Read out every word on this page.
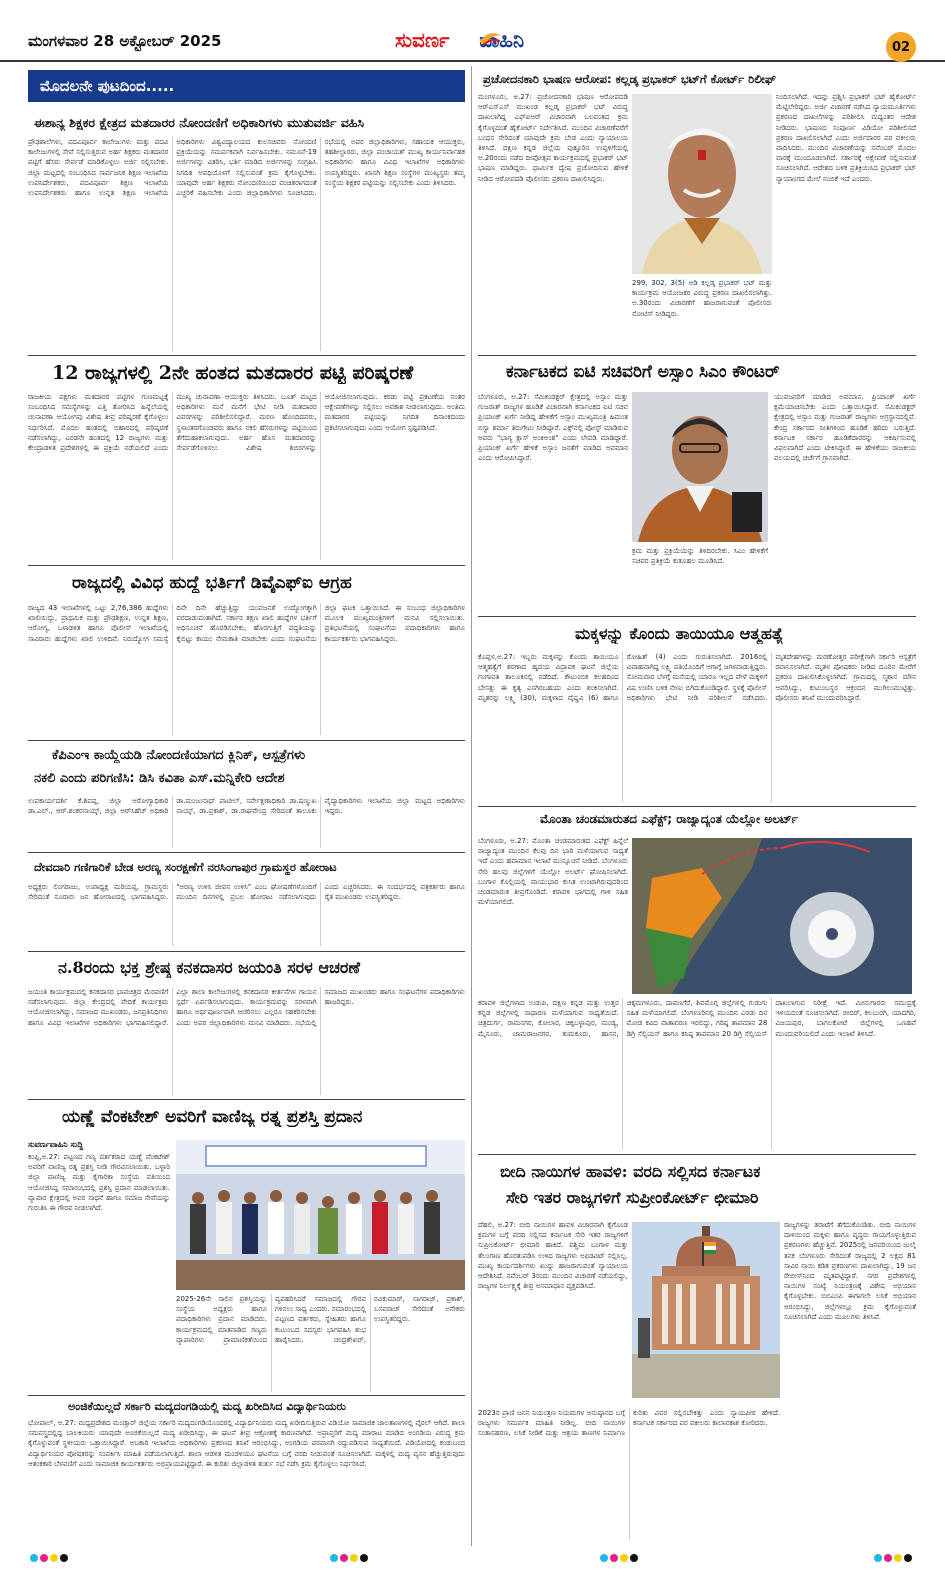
ಮಂಗಳವಾರ 28 ಅಕ್ಟೋಬರ್ 2025	ಸುವರ್ಣ ವಾಹಿನಿ	02
ಮೊದಲನೇ ಪುಟದಿಂದ.....
ಈಶಾನ್ಯ ಶಿಕ್ಷಕರ ಕ್ಷೇತ್ರದ ಮತದಾರರ ನೋಂದಣಿಗೆ ಅಧಿಕಾರಿಗಳು ಮುತುವರ್ಜಿ ವಹಿಸಿ
ಪ್ರೌಢಶಾಲೆಗಳು, ಪದವಿಪೂರ್ವ ಕಾಲೇಜುಗಳು ಮತ್ತು ಪದವಿ ಕಾಲೇಜುಗಳಲ್ಲಿ ಸೇವೆ ಸಲ್ಲಿಸುತ್ತಿರುವ ಅರ್ಹ ಶಿಕ್ಷಕರು ಮತದಾರರ ಪಟ್ಟಿಗೆ ಹೆಸರು ಸೇರ್ಪಡೆ ಮಾಡಿಕೊಳ್ಳಲು ಅರ್ಜಿ ಸಲ್ಲಿಸಬೇಕು. ಜಿಲ್ಲಾ ಮಟ್ಟದಲ್ಲಿ ಸಂಬಂಧಿಸಿದ ಸಾರ್ವಜನಿಕ ಶಿಕ್ಷಣ ಇಲಾಖೆಯ ಉಪನಿರ್ದೇಶಕರು, ಪದವಿಪೂರ್ವ ಶಿಕ್ಷಣ ಇಲಾಖೆಯ ಉಪನಿರ್ದೇಶಕರು ಹಾಗೂ ಉನ್ನತ ಶಿಕ್ಷಣ ಇಲಾಖೆಯ ಅಧಿಕಾರಿಗಳು ವಿಶ್ವವಿದ್ಯಾಲಯದ ಕುಲಸಚಿವರು ನೋಂದಣಿ ಪ್ರಕ್ರಿಯೆಯನ್ನು ಸಮರ್ಪಕವಾಗಿ ನಿರ್ವಹಿಸಬೇಕು. ನಮೂನೆ-19 ಅರ್ಜಿಗಳನ್ನು ವಿತರಿಸಿ, ಭರ್ತಿ ಮಾಡಿದ ಅರ್ಜಿಗಳನ್ನು ಸಂಗ್ರಹಿಸಿ ನಿಗದಿತ ಅವಧಿಯೊಳಗೆ ಸಲ್ಲಿಸುವಂತೆ ಕ್ರಮ ಕೈಗೊಳ್ಳಬೇಕು. ಯಾವುದೇ ಅರ್ಹ ಶಿಕ್ಷಕರು ನೋಂದಣಿಯಿಂದ ವಂಚಿತರಾಗದಂತೆ ಎಚ್ಚರಿಕೆ ವಹಿಸಬೇಕು ಎಂದು ಜಿಲ್ಲಾಧಿಕಾರಿಗಳು ಸೂಚಿಸಿದರು. ಸಭೆಯಲ್ಲಿ ಅಪರ ಜಿಲ್ಲಾಧಿಕಾರಿಗಳು, ಸಹಾಯಕ ಆಯುಕ್ತರು, ತಹಶೀಲ್ದಾರರು, ಜಿಲ್ಲಾ ಪಂಚಾಯತ್ ಮುಖ್ಯ ಕಾರ್ಯನಿರ್ವಾಹಕ ಅಧಿಕಾರಿಗಳು ಹಾಗೂ ವಿವಿಧ ಇಲಾಖೆಗಳ ಅಧಿಕಾರಿಗಳು ಉಪಸ್ಥಿತರಿದ್ದರು. ಖಾಸಗಿ ಶಿಕ್ಷಣ ಸಂಸ್ಥೆಗಳ ಮುಖ್ಯಸ್ಥರು ತಮ್ಮ ಸಂಸ್ಥೆಯ ಶಿಕ್ಷಕರ ಪಟ್ಟಿಯನ್ನು ಸಲ್ಲಿಸಬೇಕು ಎಂದು ತಿಳಿಸಿದರು.
12 ರಾಜ್ಯಗಳಲ್ಲಿ 2ನೇ ಹಂತದ ಮತದಾರರ ಪಟ್ಟಿ ಪರಿಷ್ಕರಣೆ
ರಾಜಕೀಯ ಪಕ್ಷಗಳು ಮತದಾರರ ಪಟ್ಟಿಗಳ ಗುಣಮಟ್ಟಕ್ಕೆ ಸಂಬಂಧಿಸಿದ ಸಮಸ್ಯೆಗಳನ್ನು ಎತ್ತಿ ತೋರಿಸಿದ ಹಿನ್ನೆಲೆಯಲ್ಲಿ ಚುನಾವಣಾ ಆಯೋಗವು ವಿಶೇಷ ತೀವ್ರ ಪರಿಷ್ಕರಣೆ ಕೈಗೊಳ್ಳಲು ನಿರ್ಧರಿಸಿದೆ. ಮೊದಲ ಹಂತದಲ್ಲಿ ಬಿಹಾರದಲ್ಲಿ ಪರಿಷ್ಕರಣೆ ನಡೆಸಲಾಗಿದ್ದು, ಎರಡನೇ ಹಂತದಲ್ಲಿ 12 ರಾಜ್ಯಗಳು ಮತ್ತು ಕೇಂದ್ರಾಡಳಿತ ಪ್ರದೇಶಗಳಲ್ಲಿ ಈ ಪ್ರಕ್ರಿಯೆ ನಡೆಯಲಿದೆ ಎಂದು ಮುಖ್ಯ ಚುನಾವಣಾ ಆಯುಕ್ತರು ತಿಳಿಸಿದರು. ಬೂತ್ ಮಟ್ಟದ ಅಧಿಕಾರಿಗಳು ಮನೆ ಮನೆಗೆ ಭೇಟಿ ನೀಡಿ ಮತದಾರರ ವಿವರಗಳನ್ನು ಪರಿಶೀಲಿಸಲಿದ್ದಾರೆ. ಮರಣ ಹೊಂದಿದವರು, ಸ್ಥಳಾಂತರಗೊಂಡವರು ಹಾಗೂ ನಕಲಿ ಹೆಸರುಗಳನ್ನು ಪಟ್ಟಿಯಿಂದ ತೆಗೆದುಹಾಕಲಾಗುವುದು. ಅರ್ಹ ಹೊಸ ಮತದಾರರನ್ನು ಸೇರ್ಪಡೆಗೊಳಿಸಲು ವಿಶೇಷ ಶಿಬಿರಗಳನ್ನು ಆಯೋಜಿಸಲಾಗುವುದು. ಕರಡು ಪಟ್ಟಿ ಪ್ರಕಟಣೆಯ ನಂತರ ಆಕ್ಷೇಪಣೆಗಳನ್ನು ಸಲ್ಲಿಸಲು ಅವಕಾಶ ನೀಡಲಾಗುವುದು. ಅಂತಿಮ ಮತದಾರರ ಪಟ್ಟಿಯನ್ನು ನಿಗದಿತ ದಿನಾಂಕದಂದು ಪ್ರಕಟಿಸಲಾಗುವುದು ಎಂದು ಆಯೋಗ ಸ್ಪಷ್ಟಪಡಿಸಿದೆ.
ರಾಜ್ಯದಲ್ಲಿ ವಿವಿಧ ಹುದ್ದೆ ಭರ್ತಿಗೆ ಡಿವೈಎಫ್ಐ ಆಗ್ರಹ
ರಾಜ್ಯದ 43 ಇಲಾಖೆಗಳಲ್ಲಿ ಒಟ್ಟು 2,76,386 ಹುದ್ದೆಗಳು ಖಾಲಿಯಿದ್ದು, ಪ್ರಾಥಮಿಕ ಮತ್ತು ಪ್ರೌಢಶಿಕ್ಷಣ, ಉನ್ನತ ಶಿಕ್ಷಣ, ಆರೋಗ್ಯ, ಒಳಾಡಳಿತ ಹಾಗೂ ಪೊಲೀಸ್ ಇಲಾಖೆಯಲ್ಲಿ ಸಾವಿರಾರು ಹುದ್ದೆಗಳು ಖಾಲಿ ಉಳಿದಿವೆ. ನಿರುದ್ಯೋಗ ಸಮಸ್ಯೆ ದಿನೇ ದಿನೇ ಹೆಚ್ಚುತ್ತಿದ್ದು ಯುವಜನತೆ ಉದ್ಯೋಗಕ್ಕಾಗಿ ಪರದಾಡುವಂತಾಗಿದೆ. ಸರ್ಕಾರ ತಕ್ಷಣ ಖಾಲಿ ಹುದ್ದೆಗಳ ಭರ್ತಿಗೆ ಅಧಿಸೂಚನೆ ಹೊರಡಿಸಬೇಕು, ಹೊರಗುತ್ತಿಗೆ ಪದ್ಧತಿಯನ್ನು ಕೈಬಿಟ್ಟು ಕಾಯಂ ನೇಮಕಾತಿ ಮಾಡಬೇಕು ಎಂದು ಸಂಘಟನೆಯ ಜಿಲ್ಲಾ ಘಟಕ ಒತ್ತಾಯಿಸಿದೆ. ಈ ಸಂಬಂಧ ಜಿಲ್ಲಾಧಿಕಾರಿಗಳ ಮೂಲಕ ಮುಖ್ಯಮಂತ್ರಿಗಳಿಗೆ ಮನವಿ ಸಲ್ಲಿಸಲಾಯಿತು. ಪ್ರತಿಭಟನೆಯಲ್ಲಿ ಸಂಘಟನೆಯ ಪದಾಧಿಕಾರಿಗಳು ಹಾಗೂ ಕಾರ್ಯಕರ್ತರು ಭಾಗವಹಿಸಿದ್ದರು.
ಕೆಪಿಎಂಇ ಕಾಯ್ದೆಯಡಿ ನೋಂದಣಿಯಾಗದ ಕ್ಲಿನಿಕ್, ಆಸ್ಪತ್ರೆಗಳು
ನಕಲಿ ಎಂದು ಪರಿಗಣಿಸಿ: ಡಿಸಿ ಕವಿತಾ ಎಸ್.ಮನ್ನಿಕೇರಿ ಆದೇಶ
ಉಪಕಾರ್ಯದರ್ಶಿ ಕೆ.ಶಿವಪ್ಪ, ಜಿಲ್ಲಾ ಆರೋಗ್ಯಾಧಿಕಾರಿ ಡಾ.ಎಲ್., ಆರ್.ಶಂಕರನಾಯ್ಕ್, ಜಿಲ್ಲಾ ಆರ್‌ಸಿಹೆಚ್ ಅಧಿಕಾರಿ ಡಾ.ಮಂಜುನಾಥ್ ಪಾಟೀಲ್, ಸರ್ವೇಕ್ಷಣಾಧಿಕಾರಿ ಡಾ.ಷಣ್ಮುಖ ನಾಯ್ಕ್, ಡಾ.ಪ್ರಕಾಶ್, ಡಾ.ರಾಘವೇಂದ್ರ ಸೇರಿದಂತೆ ತಾಲೂಕು ವೈದ್ಯಾಧಿಕಾರಿಗಳು ಇಲಾಖೆಯ ಜಿಲ್ಲಾ ಮಟ್ಟದ ಅಧಿಕಾರಿಗಳು ಇದ್ದರು.
ದೇವದಾರಿ ಗಣಿಗಾರಿಕೆ ಬೇಡ ಅರಣ್ಯ ಸಂರಕ್ಷಣೆಗೆ ನರಸಿಂಗಾಪುರ ಗ್ರಾಮಸ್ಥರ ಹೋರಾಟ
ಅಧ್ಯಕ್ಷರು ಲಿಂಗರಾಜು, ಉಪಾಧ್ಯಕ್ಷ ಮರಿಯಪ್ಪ, ಗ್ರಾಮಸ್ಥರು ಸೇರಿದಂತೆ ನೂರಾರು ಜನ ಹೋರಾಟದಲ್ಲಿ ಭಾಗವಹಿಸಿದ್ದರು. "ಅರಣ್ಯ ಉಳಿಸಿ ಜೀವನ ಉಳಿಸಿ" ಎಂಬ ಘೋಷಣೆಗಳೊಂದಿಗೆ ಮುಂದಿನ ದಿನಗಳಲ್ಲಿ ಪ್ರಬಲ ಹೋರಾಟ ನಡೆಸಲಾಗುವುದು ಎಂದು ಎಚ್ಚರಿಸಿದರು. ಈ ಸಂದರ್ಭದಲ್ಲಿ ಪತ್ರಕರ್ತರು ಹಾಗೂ ರೈತ ಮುಖಂಡರು ಉಪಸ್ಥಿತರಿದ್ದರು.
ನ.8ರಂದು ಭಕ್ತ ಶ್ರೇಷ್ಠ ಕನಕದಾಸರ ಜಯಂತಿ ಸರಳ ಆಚರಣೆ
ಜಯಂತಿ ಕಾರ್ಯಕ್ರಮದಲ್ಲಿ ಕನಕದಾಸರ ಭಾವಚಿತ್ರದ ಮೆರವಣಿಗೆ ನಡೆಸಲಾಗುವುದು. ಜಿಲ್ಲಾ ಕೇಂದ್ರದಲ್ಲಿ ವೇದಿಕೆ ಕಾರ್ಯಕ್ರಮ ಆಯೋಜಿಸಲಾಗಿದ್ದು, ಸಮಾಜದ ಮುಖಂಡರು, ಜನಪ್ರತಿನಿಧಿಗಳು ಹಾಗೂ ವಿವಿಧ ಇಲಾಖೆಗಳ ಅಧಿಕಾರಿಗಳು ಭಾಗವಹಿಸಲಿದ್ದಾರೆ. ಎಲ್ಲಾ ಶಾಲಾ ಕಾಲೇಜುಗಳಲ್ಲಿ ಕನಕದಾಸರ ಕೀರ್ತನೆಗಳ ಗಾಯನ ಸ್ಪರ್ಧೆ ಏರ್ಪಡಿಸಲಾಗುವುದು. ಕಾರ್ಯಕ್ರಮವನ್ನು ಸರಳವಾಗಿ ಹಾಗೂ ಅರ್ಥಪೂರ್ಣವಾಗಿ ಆಚರಿಸಲು ಎಲ್ಲರೂ ಸಹಕರಿಸಬೇಕು ಎಂದು ಅಪರ ಜಿಲ್ಲಾಧಿಕಾರಿಗಳು ಮನವಿ ಮಾಡಿದರು. ಸಭೆಯಲ್ಲಿ ಸಮಾಜದ ಮುಖಂಡರು ಹಾಗೂ ಸಂಘಟನೆಗಳ ಪದಾಧಿಕಾರಿಗಳು ಹಾಜರಿದ್ದರು.
ಯಣ್ಣೆ ವೆಂಕಟೇಶ್ ಅವರಿಗೆ ವಾಣಿಜ್ಯ ರತ್ನ ಪ್ರಶಸ್ತಿ ಪ್ರದಾನ
ಸುವರ್ಣವಾಹಿನಿ ಸುದ್ದಿ
ಕಂಪ್ಲಿ,ಅ.27: ಪಟ್ಟಣದ ಗಣ್ಯ ವರ್ತಕರಾದ ಯಣ್ಣೆ ವೆಂಕಟೇಶ್ ಅವರಿಗೆ ವಾಣಿಜ್ಯ ರತ್ನ ಪ್ರಶಸ್ತಿ ನೀಡಿ ಗೌರವಿಸಲಾಯಿತು. ಬಳ್ಳಾರಿ ಜಿಲ್ಲಾ ವಾಣಿಜ್ಯ ಮತ್ತು ಕೈಗಾರಿಕಾ ಸಂಸ್ಥೆಯ ವತಿಯಿಂದ ಆಯೋಜಿಸಿದ್ದ ಸಮಾರಂಭದಲ್ಲಿ ಪ್ರಶಸ್ತಿ ಪ್ರದಾನ ಮಾಡಲಾಯಿತು. ವ್ಯಾಪಾರ ಕ್ಷೇತ್ರದಲ್ಲಿ ಅವರ ಸಾಧನೆ ಹಾಗೂ ಸಮಾಜ ಸೇವೆಯನ್ನು ಗುರುತಿಸಿ ಈ ಗೌರವ ನೀಡಲಾಗಿದೆ.
2025-26ನೇ ಸಾಲಿನ ಪ್ರಶಸ್ತಿಯನ್ನು ಸಂಸ್ಥೆಯ ಅಧ್ಯಕ್ಷರು ಹಾಗೂ ಪದಾಧಿಕಾರಿಗಳು ಪ್ರದಾನ ಮಾಡಿದರು. ಕಾರ್ಯಕ್ರಮದಲ್ಲಿ ಮಾತನಾಡಿದ ಗಣ್ಯರು ವ್ಯಾಪಾರಿಗಳು ಪ್ರಾಮಾಣಿಕತೆಯಿಂದ ವ್ಯವಹರಿಸಿದರೆ ಸಮಾಜದಲ್ಲಿ ಗೌರವ ಗಳಿಸಲು ಸಾಧ್ಯ ಎಂದರು. ಸಮಾರಂಭದಲ್ಲಿ ಪಟ್ಟಣದ ವರ್ತಕರು, ಸ್ನೇಹಿತರು ಹಾಗೂ ಕುಟುಂಬದ ಸದಸ್ಯರು ಭಾಗವಹಿಸಿ ಶುಭ ಹಾರೈಸಿದರು. ಚಂದ್ರಶೇಖರ್, ರವಿಕುಮಾರ್, ನಾಗರಾಜ್, ಪ್ರಕಾಶ್, ಬಸವರಾಜ್ ಸೇರಿದಂತೆ ಅನೇಕರು ಉಪಸ್ಥಿತರಿದ್ದರು.
ಅಂಜಿಕೆಯಿಲ್ಲದೆ ಸರ್ಕಾರಿ ಮದ್ಯದಂಗಡಿಯಲ್ಲಿ ಮದ್ಯ ಖರೀದಿಸಿದ ವಿದ್ಯಾರ್ಥಿನಿಯರು
ಭೋಪಾಲ್, ಅ.27: ಮಧ್ಯಪ್ರದೇಶದ ಮಂಡ್ಸಾರ್ ಜಿಲ್ಲೆಯ ಸರ್ಕಾರಿ ಮದ್ಯದಂಗಡಿಯೊಂದರಲ್ಲಿ ವಿದ್ಯಾರ್ಥಿನಿಯರು ಮದ್ಯ ಖರೀದಿಸುತ್ತಿರುವ ವಿಡಿಯೋ ಸಾಮಾಜಿಕ ಜಾಲತಾಣಗಳಲ್ಲಿ ವೈರಲ್ ಆಗಿದೆ. ಶಾಲಾ ಸಮವಸ್ತ್ರದಲ್ಲಿದ್ದ ಬಾಲಕಿಯರು ಯಾವುದೇ ಅಂಜಿಕೆಯಿಲ್ಲದೆ ಮದ್ಯ ಖರೀದಿಸಿದ್ದು, ಈ ಘಟನೆ ತೀವ್ರ ಆಕ್ರೋಶಕ್ಕೆ ಕಾರಣವಾಗಿದೆ. ಅಪ್ರಾಪ್ತರಿಗೆ ಮದ್ಯ ಮಾರಾಟ ಮಾಡಿದ ಅಂಗಡಿಯ ವಿರುದ್ಧ ಕ್ರಮ ಕೈಗೊಳ್ಳುವಂತೆ ಸ್ಥಳೀಯರು ಒತ್ತಾಯಿಸಿದ್ದಾರೆ. ಅಬಕಾರಿ ಇಲಾಖೆಯ ಅಧಿಕಾರಿಗಳು ಪ್ರಕರಣದ ತನಿಖೆ ಆರಂಭಿಸಿದ್ದು, ಅಂಗಡಿಯ ಪರವಾನಗಿ ರದ್ದುಪಡಿಸುವ ಸಾಧ್ಯತೆಯಿದೆ. ವಿಡಿಯೋದಲ್ಲಿ ಕಂಡುಬಂದ ವಿದ್ಯಾರ್ಥಿನಿಯರ ಪೋಷಕರನ್ನು ಸಂಪರ್ಕಿಸಿ ಮಾಹಿತಿ ಪಡೆಯಲಾಗುತ್ತಿದೆ. ಶಾಲಾ ಆಡಳಿತ ಮಂಡಳಿಯೂ ಘಟನೆಯ ಬಗ್ಗೆ ವರದಿ ನೀಡುವಂತೆ ಸೂಚಿಸಲಾಗಿದೆ. ಮಕ್ಕಳಲ್ಲಿ ಮದ್ಯ ವ್ಯಸನ ಹೆಚ್ಚುತ್ತಿರುವುದು ಆತಂಕಕಾರಿ ಬೆಳವಣಿಗೆ ಎಂದು ಸಾಮಾಜಿಕ ಕಾರ್ಯಕರ್ತರು ಅಭಿಪ್ರಾಯಪಟ್ಟಿದ್ದಾರೆ. ಈ ಕುರಿತು ಜಿಲ್ಲಾಡಳಿತ ತುರ್ತು ಸಭೆ ನಡೆಸಿ ಕ್ರಮ ಕೈಗೊಳ್ಳಲು ನಿರ್ಧರಿಸಿದೆ.
ಪ್ರಚೋದನಕಾರಿ ಭಾಷಣ ಆರೋಪ: ಕಲ್ಲಡ್ಕ ಪ್ರಭಾಕರ್ ಭಟ್‌ಗೆ ಕೋರ್ಟ್ ರಿಲೀಫ್
ಮಂಗಳೂರು, ಅ.27: ಪ್ರಚೋದನಕಾರಿ ಭಾಷಣ ಆರೋಪದಡಿ ಆರ್‌ಎಸ್‌ಎಸ್ ಮುಖಂಡ ಕಲ್ಲಡ್ಕ ಪ್ರಭಾಕರ್ ಭಟ್ ವಿರುದ್ಧ ದಾಖಲಾಗಿದ್ದ ಎಫ್‌ಐಆರ್ ವಿಚಾರವಾಗಿ ಬಲವಂತದ ಕ್ರಮ ಕೈಗೊಳ್ಳದಂತೆ ಹೈಕೋರ್ಟ್ ನಿರ್ದೇಶಿಸಿದೆ. ಮುಂದಿನ ವಿಚಾರಣೆವರೆಗೆ ಬಂಧನ ಸೇರಿದಂತೆ ಯಾವುದೇ ಕ್ರಮ ಬೇಡ ಎಂದು ನ್ಯಾಯಾಲಯ ತಿಳಿಸಿದೆ. ದಕ್ಷಿಣ ಕನ್ನಡ ಜಿಲ್ಲೆಯ ಪುತ್ತೂರಿನ ಉಪ್ಪಳಿಗೆಯಲ್ಲಿ ಅ.20ರಂದು ನಡೆದ ದೀಪೋತ್ಸವ ಕಾರ್ಯಕ್ರಮದಲ್ಲಿ ಪ್ರಭಾಕರ್ ಭಟ್ ಭಾಷಣ ಮಾಡಿದ್ದರು. ಧಾರ್ಮಿಕ ದ್ವೇಷ ಪ್ರಚೋದಿಸುವ ಹೇಳಿಕೆ ನೀಡಿದ ಆರೋಪದಡಿ ಪೊಲೀಸರು ಪ್ರಕರಣ ದಾಖಲಿಸಿದ್ದರು.
299, 302, 3(5) ಅಡಿ ಕಲ್ಲಡ್ಕ ಪ್ರಭಾಕರ್ ಭಟ್ ಮತ್ತು ಕಾರ್ಯಕ್ರಮ ಆಯೋಜಕರ ವಿರುದ್ಧ ಪ್ರಕರಣ ದಾಖಲಿಸಲಾಗಿತ್ತು. ಅ.30ರಂದು ವಿಚಾರಣೆಗೆ ಹಾಜರಾಗುವಂತೆ ಪೊಲೀಸರು ನೋಟಿಸ್ ನೀಡಿದ್ದರು.
ನಿಂದಿಸಲಾಗಿದೆ. ಇದನ್ನು ಪ್ರಶ್ನಿಸಿ ಪ್ರಭಾಕರ್ ಭಟ್ ಹೈಕೋರ್ಟ್ ಮೆಟ್ಟಿಲೇರಿದ್ದರು. ಅರ್ಜಿ ವಿಚಾರಣೆ ನಡೆಸಿದ ನ್ಯಾಯಮೂರ್ತಿಗಳು ಪ್ರಕರಣದ ದಾಖಲೆಗಳನ್ನು ಪರಿಶೀಲಿಸಿ ಮಧ್ಯಂತರ ಆದೇಶ ನೀಡಿದರು. ಭಾಷಣದ ಸಂಪೂರ್ಣ ವಿಡಿಯೋ ಪರಿಶೀಲಿಸದೆ ಪ್ರಕರಣ ದಾಖಲಿಸಲಾಗಿದೆ ಎಂದು ಅರ್ಜಿದಾರರ ಪರ ವಕೀಲರು ವಾದಿಸಿದರು. ಮುಂದಿನ ವಿಚಾರಣೆಯನ್ನು ನವೆಂಬರ್ ಮೊದಲ ವಾರಕ್ಕೆ ಮುಂದೂಡಲಾಗಿದೆ. ಸರ್ಕಾರಕ್ಕೆ ಆಕ್ಷೇಪಣೆ ಸಲ್ಲಿಸುವಂತೆ ಸೂಚಿಸಲಾಗಿದೆ. ಆದೇಶದ ಬಳಿಕ ಪ್ರತಿಕ್ರಿಯಿಸಿದ ಪ್ರಭಾಕರ್ ಭಟ್ ನ್ಯಾಯಾಂಗದ ಮೇಲೆ ನಂಬಿಕೆ ಇದೆ ಎಂದರು.
ಕರ್ನಾಟಕದ ಐಟಿ ಸಚಿವರಿಗೆ ಅಸ್ಸಾಂ ಸಿಎಂ ಕೌಂಟರ್
ಬೆಂಗಳೂರು, ಅ.27: ಸೆಮಿಕಂಡಕ್ಟರ್ ಕ್ಷೇತ್ರದಲ್ಲಿ ಅಸ್ಸಾಂ ಮತ್ತು ಗುಜರಾತ್ ರಾಜ್ಯಗಳ ಹೂಡಿಕೆ ವಿಚಾರವಾಗಿ ಕರ್ನಾಟಕದ ಐಟಿ ಸಚಿವ ಪ್ರಿಯಾಂಕ್ ಖರ್ಗೆ ನೀಡಿದ್ದ ಹೇಳಿಕೆಗೆ ಅಸ್ಸಾಂ ಮುಖ್ಯಮಂತ್ರಿ ಹಿಮಂತ ಬಿಸ್ವಾ ಶರ್ಮಾ ತಿರುಗೇಟು ನೀಡಿದ್ದಾರೆ. ಎಕ್ಸ್‌ನಲ್ಲಿ ಪೋಸ್ಟ್ ಮಾಡಿರುವ ಅವರು "ಭಾಗ್ಯ ಕ್ಲಾಸ್ ಅಂಕಿಅಂಶ" ಎಂದು ಲೇವಡಿ ಮಾಡಿದ್ದಾರೆ. ಪ್ರಿಯಾಂಕ್ ಖರ್ಗೆ ಹೇಳಿಕೆ ಅಸ್ಸಾಂ ಜನತೆಗೆ ಮಾಡಿದ ಅವಮಾನ ಎಂದು ಆರೋಪಿಸಿದ್ದಾರೆ.
ಕ್ರಮ ಮತ್ತು ಪ್ರಕ್ರಿಯೆಯನ್ನು ತಿಳಿದಿರಬೇಕು. ಸಿಎಂ ಹೇಳಿಕೆಗೆ ಸಚಿವರ ಪ್ರತಿಕ್ರಿಯೆ ಕುತೂಹಲ ಮೂಡಿಸಿದೆ.
ಯುವಜನರಿಗೆ ಮಾಡಿದ ಅವಮಾನ. ಪ್ರಿಯಾಂಕ್ ಖರ್ಗೆ ಕ್ಷಮೆಯಾಚಿಸಬೇಕು ಎಂದು ಒತ್ತಾಯಿಸಿದ್ದಾರೆ. ಸೆಮಿಕಂಡಕ್ಟರ್ ಕ್ಷೇತ್ರದಲ್ಲಿ ಅಸ್ಸಾಂ ಮತ್ತು ಗುಜರಾತ್ ರಾಜ್ಯಗಳು ಅಗ್ರಸ್ಥಾನದಲ್ಲಿವೆ. ಕೇಂದ್ರ ಸರ್ಕಾರದ ನೀತಿಗಳಿಂದ ಹೂಡಿಕೆ ಹರಿದು ಬರುತ್ತಿದೆ. ಕರ್ನಾಟಕ ಸರ್ಕಾರ ಹೂಡಿಕೆದಾರರನ್ನು ಆಕರ್ಷಿಸುವಲ್ಲಿ ವಿಫಲವಾಗಿದೆ ಎಂದು ಟೀಕಿಸಿದ್ದಾರೆ. ಈ ಹೇಳಿಕೆಯು ರಾಜಕೀಯ ವಲಯದಲ್ಲಿ ಚರ್ಚೆಗೆ ಗ್ರಾಸವಾಗಿದೆ.
ಮಕ್ಕಳನ್ನು ಕೊಂದು ತಾಯಿಯೂ ಆತ್ಮಹತ್ಯೆ
ಕೊಪ್ಪಳ,ಅ.27: ಇಬ್ಬರು ಮಕ್ಕಳನ್ನು ಕೊಂದು ತಾಯಿಯೂ ಆತ್ಮಹತ್ಯೆಗೆ ಶರಣಾದ ಹೃದಯ ವಿದ್ರಾವಕ ಘಟನೆ ಜಿಲ್ಲೆಯ ಗಂಗಾವತಿ ತಾಲೂಕಿನಲ್ಲಿ ನಡೆದಿದೆ. ಕೌಟುಂಬಿಕ ಕಲಹದಿಂದ ಬೇಸತ್ತು ಈ ಕೃತ್ಯ ಎಸಗಿರಬಹುದು ಎಂದು ಶಂಕಿಸಲಾಗಿದೆ. ಮೃತರನ್ನು ಲಕ್ಷ್ಮಿ (30), ಮಕ್ಕಳಾದ ವೈಷ್ಣವಿ (6) ಹಾಗೂ ರೋಹಿತ್ (4) ಎಂದು ಗುರುತಿಸಲಾಗಿದೆ. 2016ರಲ್ಲಿ ವಿವಾಹವಾಗಿದ್ದ ಲಕ್ಷ್ಮಿ ಪತಿಯೊಂದಿಗೆ ಆಗಾಗ್ಗೆ ಜಗಳವಾಡುತ್ತಿದ್ದರು. ಸೋಮವಾರ ಬೆಳಗ್ಗೆ ಮನೆಯಲ್ಲಿ ಯಾರೂ ಇಲ್ಲದ ವೇಳೆ ಮಕ್ಕಳಿಗೆ ವಿಷ ಉಣಿಸಿ ಬಳಿಕ ನೇಣು ಬಿಗಿದುಕೊಂಡಿದ್ದಾರೆ. ಸ್ಥಳಕ್ಕೆ ಪೊಲೀಸ್ ಅಧಿಕಾರಿಗಳು ಭೇಟಿ ನೀಡಿ ಪರಿಶೀಲನೆ ನಡೆಸಿದರು. ಮೃತದೇಹಗಳನ್ನು ಮರಣೋತ್ತರ ಪರೀಕ್ಷೆಗಾಗಿ ಸರ್ಕಾರಿ ಆಸ್ಪತ್ರೆಗೆ ರವಾನಿಸಲಾಗಿದೆ. ಮೃತಳ ಪೋಷಕರು ನೀಡಿದ ದೂರಿನ ಮೇರೆಗೆ ಪ್ರಕರಣ ದಾಖಲಿಸಿಕೊಳ್ಳಲಾಗಿದೆ. ಗ್ರಾಮದಲ್ಲಿ ಸ್ಮಶಾನ ಮೌನ ಆವರಿಸಿದ್ದು, ಕುಟುಂಬಸ್ಥರ ಆಕ್ರಂದನ ಮುಗಿಲುಮುಟ್ಟಿತ್ತು. ಪೊಲೀಸರು ತನಿಖೆ ಮುಂದುವರಿಸಿದ್ದಾರೆ.
ಮೊಂತಾ ಚಂಡಮಾರುತದ ಎಫೆಕ್ಟ್; ರಾಜ್ಯಾದ್ಯಂತ ಯೆಲ್ಲೋ ಅಲರ್ಟ್
ಬೆಂಗಳೂರು, ಅ.27: ಮೊಂತಾ ಚಂಡಮಾರುತದ ಎಫೆಕ್ಟ್ ಹಿನ್ನೆಲೆ ರಾಜ್ಯಾದ್ಯಂತ ಮುಂದಿನ ಕೆಲವು ದಿನ ಭಾರಿ ಮಳೆಯಾಗುವ ಸಾಧ್ಯತೆ ಇದೆ ಎಂದು ಹವಾಮಾನ ಇಲಾಖೆ ಮುನ್ಸೂಚನೆ ನೀಡಿದೆ. ಬೆಂಗಳೂರು ಸೇರಿ ಹಲವು ಜಿಲ್ಲೆಗಳಿಗೆ ಯೆಲ್ಲೋ ಅಲರ್ಟ್ ಘೋಷಿಸಲಾಗಿದೆ. ಬಂಗಾಳ ಕೊಲ್ಲಿಯಲ್ಲಿ ವಾಯುಭಾರ ಕುಸಿತ ಉಂಟಾಗಿರುವುದರಿಂದ ಚಂಡಮಾರುತ ತೀವ್ರಗೊಂಡಿದೆ. ಕರಾವಳಿ ಭಾಗದಲ್ಲಿ ಗಾಳಿ ಸಹಿತ ಮಳೆಯಾಗಲಿದೆ.
ಕರಾವಳಿ ಜಿಲ್ಲೆಗಳಾದ ಉಡುಪಿ, ದಕ್ಷಿಣ ಕನ್ನಡ ಮತ್ತು ಉತ್ತರ ಕನ್ನಡ ಜಿಲ್ಲೆಗಳಲ್ಲಿ ಸಾಧಾರಣ ಮಳೆಯಾಗುವ ಸಾಧ್ಯತೆಯಿದೆ. ಚಿತ್ರದುರ್ಗ, ರಾಮನಗರ, ಕೋಲಾರ, ಚಿಕ್ಕಬಳ್ಳಾಪುರ, ಮಂಡ್ಯ, ಮೈಸೂರು, ಚಾಮರಾಜನಗರ, ತುಮಕೂರು, ಹಾಸನ, ಚಿಕ್ಕಮಗಳೂರು, ದಾವಣಗೆರೆ, ಶಿವಮೊಗ್ಗ ಜಿಲ್ಲೆಗಳಲ್ಲಿ ಗುಡುಗು ಸಹಿತ ಮಳೆಯಾಗಲಿದೆ. ಬೆಂಗಳೂರಿನಲ್ಲಿ ಮುಂದಿನ ಎರಡು ದಿನ ಮೋಡ ಕವಿದ ವಾತಾವರಣ ಇರಲಿದ್ದು, ಗರಿಷ್ಠ ತಾಪಮಾನ 28 ಡಿಗ್ರಿ ಸೆಲ್ಸಿಯಸ್ ಹಾಗೂ ಕನಿಷ್ಠ ತಾಪಮಾನ 20 ಡಿಗ್ರಿ ಸೆಲ್ಸಿಯಸ್ ದಾಖಲಾಗುವ ನಿರೀಕ್ಷೆ ಇದೆ. ಮೀನುಗಾರರು ಸಮುದ್ರಕ್ಕೆ ಇಳಿಯದಂತೆ ಸೂಚಿಸಲಾಗಿದೆ. ಬೀದರ್, ಕಲಬುರಗಿ, ಯಾದಗಿರಿ, ವಿಜಯಪುರ, ಬಾಗಲಕೋಟೆ ಜಿಲ್ಲೆಗಳಲ್ಲಿ ಒಣಹವೆ ಮುಂದುವರಿಯಲಿದೆ ಎಂದು ಇಲಾಖೆ ತಿಳಿಸಿದೆ.
ಬೀದಿ ನಾಯಿಗಳ ಹಾವಳಿ: ವರದಿ ಸಲ್ಲಿಸದ ಕರ್ನಾಟಕ
ಸೇರಿ ಇತರ ರಾಜ್ಯಗಳಿಗೆ ಸುಪ್ರೀಂಕೋರ್ಟ್ ಛೀಮಾರಿ
ದೆಹಲಿ, ಅ.27: ಬೀದಿ ನಾಯಿಗಳ ಹಾವಳಿ ವಿಚಾರವಾಗಿ ಕೈಗೊಂಡ ಕ್ರಮಗಳ ಬಗ್ಗೆ ವರದಿ ಸಲ್ಲಿಸದ ಕರ್ನಾಟಕ ಸೇರಿ ಇತರ ರಾಜ್ಯಗಳಿಗೆ ಸುಪ್ರೀಂಕೋರ್ಟ್ ಛೀಮಾರಿ ಹಾಕಿದೆ. ಪಶ್ಚಿಮ ಬಂಗಾಳ ಮತ್ತು ತೆಲಂಗಾಣ ಹೊರತುಪಡಿಸಿ ಉಳಿದ ರಾಜ್ಯಗಳು ಅಫಿಡವಿಟ್ ಸಲ್ಲಿಸಿಲ್ಲ. ಮುಖ್ಯ ಕಾರ್ಯದರ್ಶಿಗಳು ಖುದ್ದು ಹಾಜರಾಗುವಂತೆ ನ್ಯಾಯಾಲಯ ಆದೇಶಿಸಿದೆ. ನವೆಂಬರ್ 3ರಂದು ಮುಂದಿನ ವಿಚಾರಣೆ ನಡೆಯಲಿದ್ದು, ರಾಜ್ಯಗಳ ನಿರ್ಲಕ್ಷ್ಯಕ್ಕೆ ತೀವ್ರ ಅಸಮಾಧಾನ ವ್ಯಕ್ತಪಡಿಸಿದೆ.
2023ರ ಪ್ರಾಣಿ ಜನನ ನಿಯಂತ್ರಣ ನಿಯಮಗಳ ಅನುಷ್ಠಾನದ ಬಗ್ಗೆ ರಾಜ್ಯಗಳು ಸಮರ್ಪಕ ಮಾಹಿತಿ ನೀಡಿಲ್ಲ. ಬೀದಿ ನಾಯಿಗಳ ಸಂತಾನಹರಣ, ಲಸಿಕೆ ನೀಡಿಕೆ ಮತ್ತು ಆಶ್ರಯ ತಾಣಗಳ ನಿರ್ಮಾಣ ಕುರಿತು ವಿವರ ಸಲ್ಲಿಸಬೇಕಿತ್ತು ಎಂದು ನ್ಯಾಯಪೀಠ ಹೇಳಿದೆ. ಕರ್ನಾಟಕ ಸರ್ಕಾರದ ಪರ ವಕೀಲರು ಕಾಲಾವಕಾಶ ಕೋರಿದರು.
ರಾಜ್ಯಗಳನ್ನು ತರಾಟೆಗೆ ತೆಗೆದುಕೊಂಡಿತು. ಬೀದಿ ನಾಯಿಗಳ ದಾಳಿಯಿಂದ ಮಕ್ಕಳು ಹಾಗೂ ವೃದ್ಧರು ಗಾಯಗೊಳ್ಳುತ್ತಿರುವ ಪ್ರಕರಣಗಳು ಹೆಚ್ಚುತ್ತಿವೆ. 2025ರಲ್ಲಿ ಜನವರಿಯಿಂದ ಜುಲೈ ತನಕ ಬೆಂಗಳೂರು ಸೇರಿದಂತೆ ರಾಜ್ಯದಲ್ಲಿ 2 ಲಕ್ಷದ 81 ಸಾವಿರ ನಾಯಿ ಕಡಿತ ಪ್ರಕರಣಗಳು ದಾಖಲಾಗಿದ್ದು, 19 ಜನ ರೇಬೀಸ್‌ನಿಂದ ಮೃತಪಟ್ಟಿದ್ದಾರೆ. ನಗರ ಪ್ರದೇಶಗಳಲ್ಲಿ ನಾಯಿಗಳ ಸಂಖ್ಯೆ ನಿಯಂತ್ರಣಕ್ಕೆ ವಿಶೇಷ ಅಭಿಯಾನ ಕೈಗೊಳ್ಳಬೇಕು. ಬಿಬಿಎಂಪಿ ಈಗಾಗಲೇ ಲಸಿಕೆ ಅಭಿಯಾನ ಆರಂಭಿಸಿದ್ದು, ಜಿಲ್ಲೆಗಳಲ್ಲೂ ಕ್ರಮ ಕೈಗೊಳ್ಳುವಂತೆ ಸೂಚಿಸಲಾಗಿದೆ ಎಂದು ಮೂಲಗಳು ತಿಳಿಸಿವೆ.
